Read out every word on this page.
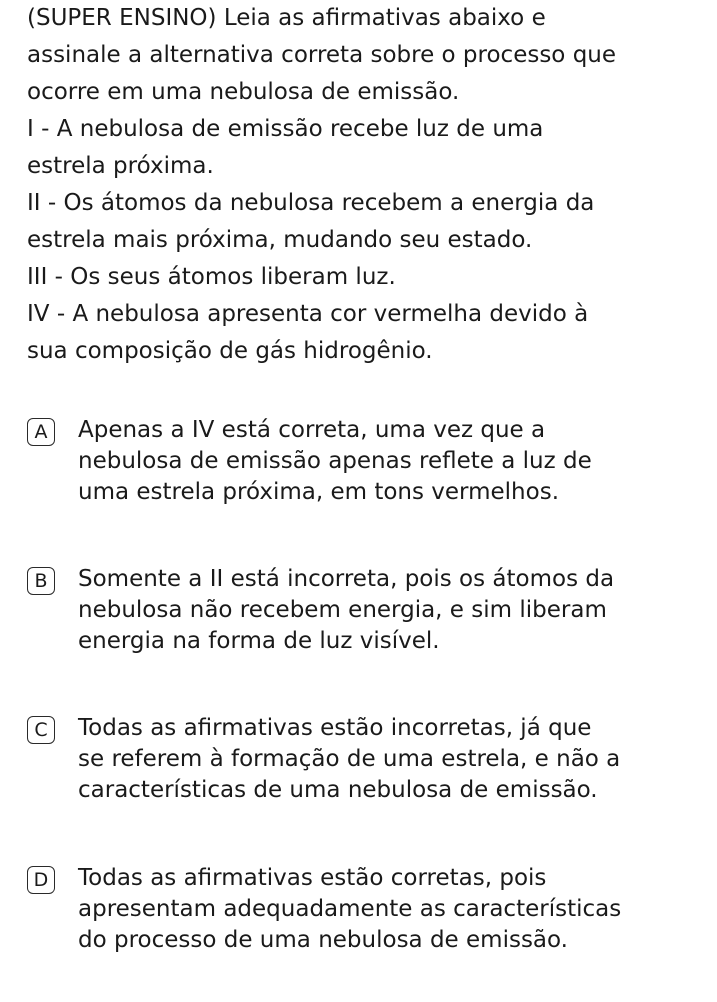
(SUPER ENSINO) Leia as afirmativas abaixo e
assinale a alternativa correta sobre o processo que
ocorre em uma nebulosa de emissão.
I - A nebulosa de emissão recebe luz de uma
estrela próxima.
II - Os átomos da nebulosa recebem a energia da
estrela mais próxima, mudando seu estado.
III - Os seus átomos liberam luz.
IV - A nebulosa apresenta cor vermelha devido à
sua composição de gás hidrogênio.
A	Apenas a IV está correta, uma vez que a
nebulosa de emissão apenas reflete a luz de
uma estrela próxima, em tons vermelhos.
B	Somente a II está incorreta, pois os átomos da
nebulosa não recebem energia, e sim liberam
energia na forma de luz visível.
C	Todas as afirmativas estão incorretas, já que
se referem à formação de uma estrela, e não a
características de uma nebulosa de emissão.
D Todas as afirmativas estão corretas, pois
apresentam adequadamente as características
do processo de uma nebulosa de emissão.
